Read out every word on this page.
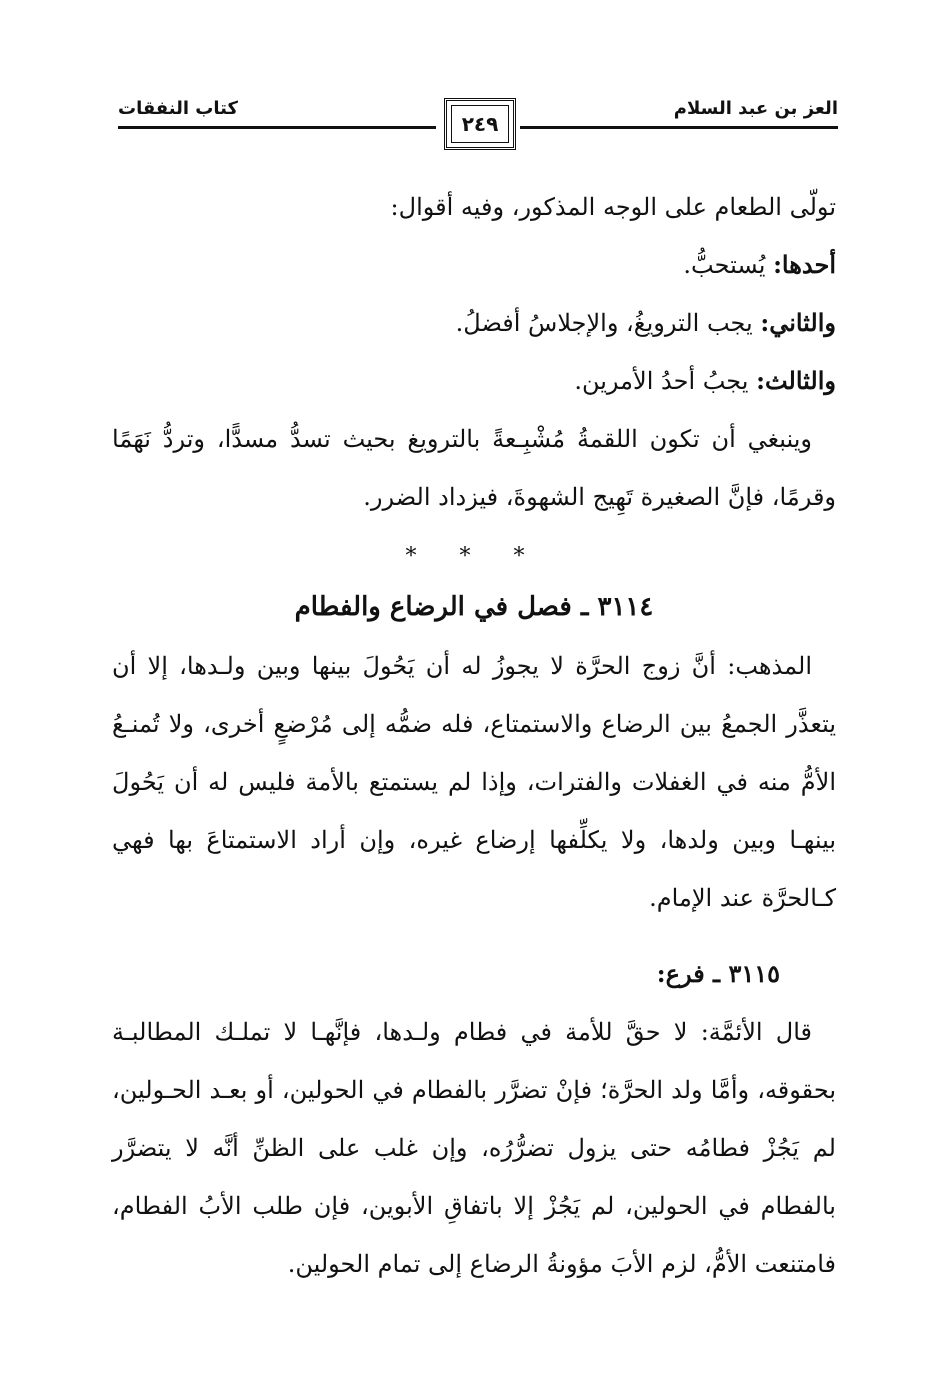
العز بن عبد السلام
كتاب النفقات
٢٤٩

تولّى الطعام على الوجه المذكور، وفيه أقوال:

أحدها: يُستحبُّ.

والثاني: يجب الترويغُ، والإجلاسُ أفضلُ.

والثالث: يجبُ أحدُ الأمرين.

وينبغي أن تكون اللقمةُ مُشْبِـعةً بالترويغ بحيث تسدُّ مسدًّا، وتردُّ نَهَمًا وقرمًا، فإنَّ الصغيرة تَهِيج الشهوةَ، فيزداد الضرر.

* * *
٣١١٤ ـ فصل في الرضاع والفطام

المذهب: أنَّ زوج الحرَّة لا يجوزُ له أن يَحُولَ بينها وبين ولـدها، إلا أن يتعذَّر الجمعُ بين الرضاع والاستمتاع، فله ضمُّه إلى مُرْضعٍ أخرى، ولا تُمنـعُ الأمُّ منه في الغفلات والفترات، وإذا لم يستمتع بالأمة فليس له أن يَحُولَ بينهـا وبين ولدها، ولا يكلِّفها إرضاع غيره، وإن أراد الاستمتاعَ بها فهي كـالحرَّة عند الإمام.

٣١١٥ ـ فرع:

قال الأئمَّة: لا حقَّ للأمة في فطام ولـدها، فإنَّهـا لا تملـك المطالبـة بحقوقه، وأمَّا ولد الحرَّة؛ فإنْ تضرَّر بالفطام في الحولين، أو بعـد الحـولين، لم يَجُزْ فطامُه حتى يزول تضرُّرُه، وإن غلب على الظنِّ أنَّه لا يتضرَّر بالفطام في الحولين، لم يَجُزْ إلا باتفاقِ الأبوين، فإن طلب الأبُ الفطام، فامتنعت الأمُّ، لزم الأبَ مؤونةُ الرضاع إلى تمام الحولين.
